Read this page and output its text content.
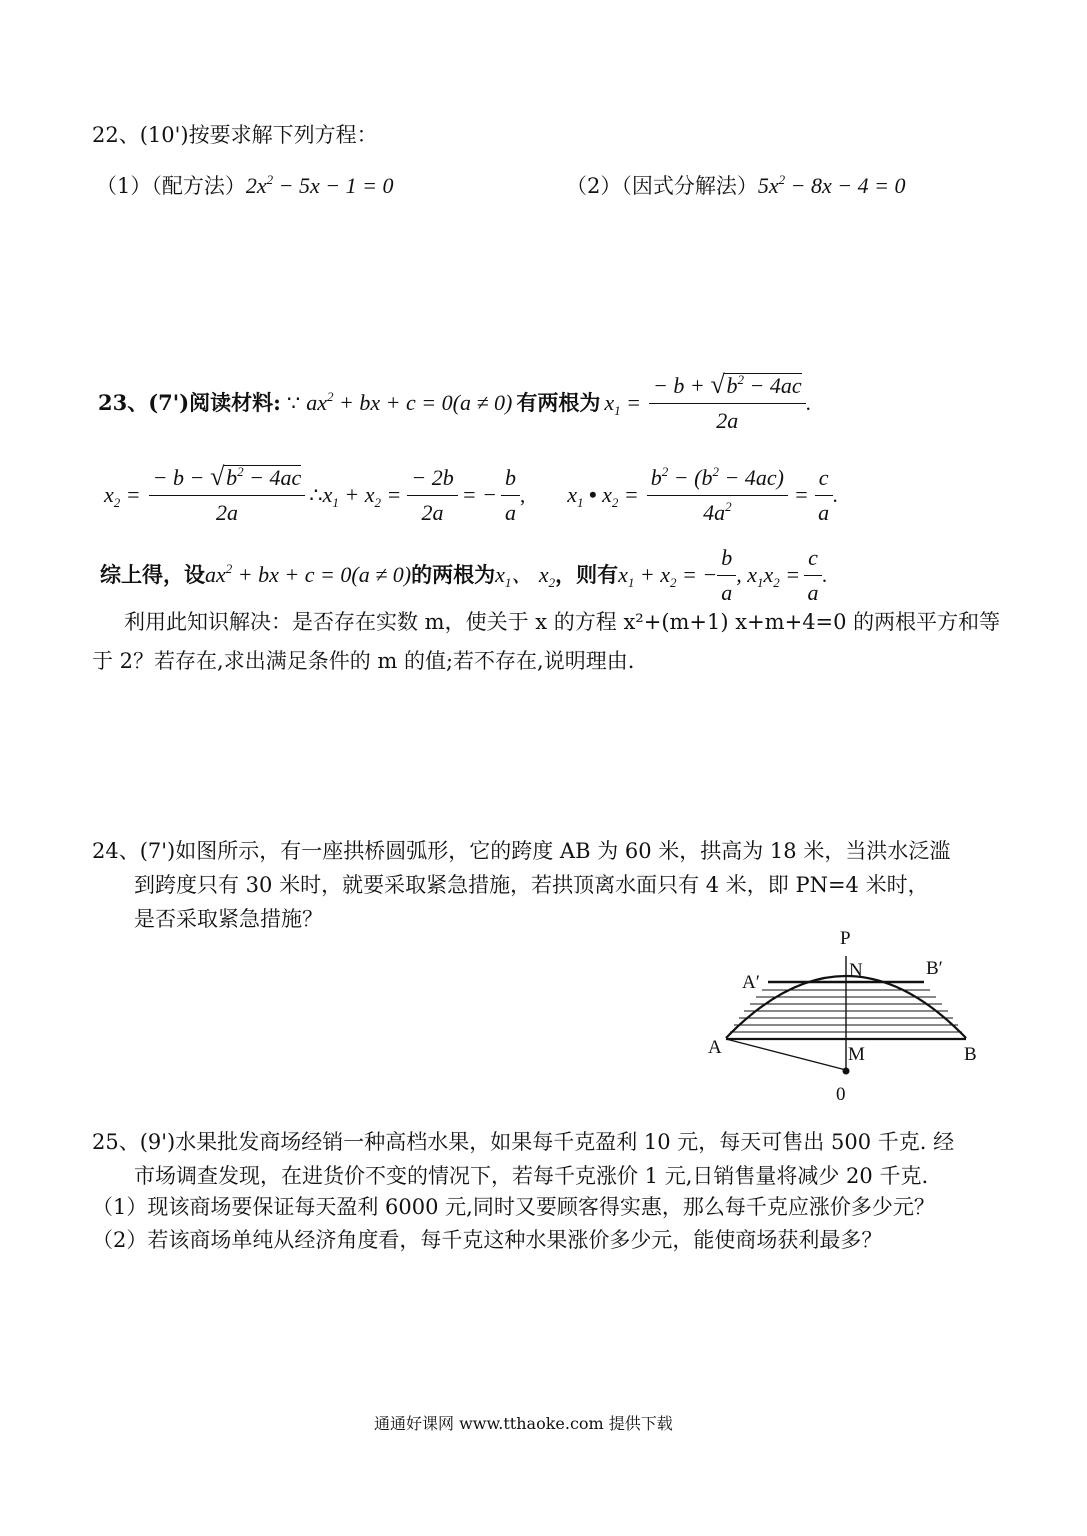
22、(10')按要求解下列方程：
（1）（配方法）$2x^2 - 5x - 1 = 0$	（2）（因式分解法）$5x^2 - 8x - 4 = 0$
23、(7')阅读材料: ∵ $ax^2$ + bx + c = 0(a ≠ 0) 有两根为 $x_1 = \frac{- b + √b^2 - 4ac}{2a}$ .
$x_2 = \frac{- b - √b^2 - 4ac}{2a}$ ∴ $x_1 + x_2 = \frac{- 2b}{2a}$ = − $\frac{b}{a}$ , $x_1$ • $x_2 = \frac{b^2 - (b^2 - 4ac)}{4a^2} = \frac{c}{a}$ .
综上得，设 $ax^2$ + bx + c = 0(a ≠ 0) 的两根为 $x_1$、 $x_2$ ，则有 $x_1 + x_2$ = − $\frac{b}{a}$ , $x_1x_2 = \frac{c}{a}$ .
利用此知识解决：是否存在实数 m，使关于 x 的方程 x²+(m+1) x+m+4=0 的两根平方和等
于 2？若存在,求出满足条件的 m 的值;若不存在,说明理由.
24、(7')如图所示，有一座拱桥圆弧形，它的跨度 AB 为 60 米，拱高为 18 米，当洪水泛滥
到跨度只有 30 米时，就要采取紧急措施，若拱顶离水面只有 4 米，即 PN=4 米时，
是否采取紧急措施？
P
N
A′
B′
A	M	B
0
25、(9')水果批发商场经销一种高档水果，如果每千克盈利 10 元，每天可售出 500 千克. 经
市场调查发现，在进货价不变的情况下，若每千克涨价 1 元,日销售量将减少 20 千克.
（1）现该商场要保证每天盈利 6000 元,同时又要顾客得实惠，那么每千克应涨价多少元？
（2）若该商场单纯从经济角度看，每千克这种水果涨价多少元，能使商场获利最多？
通通好课网 www.tthaoke.com 提供下载
